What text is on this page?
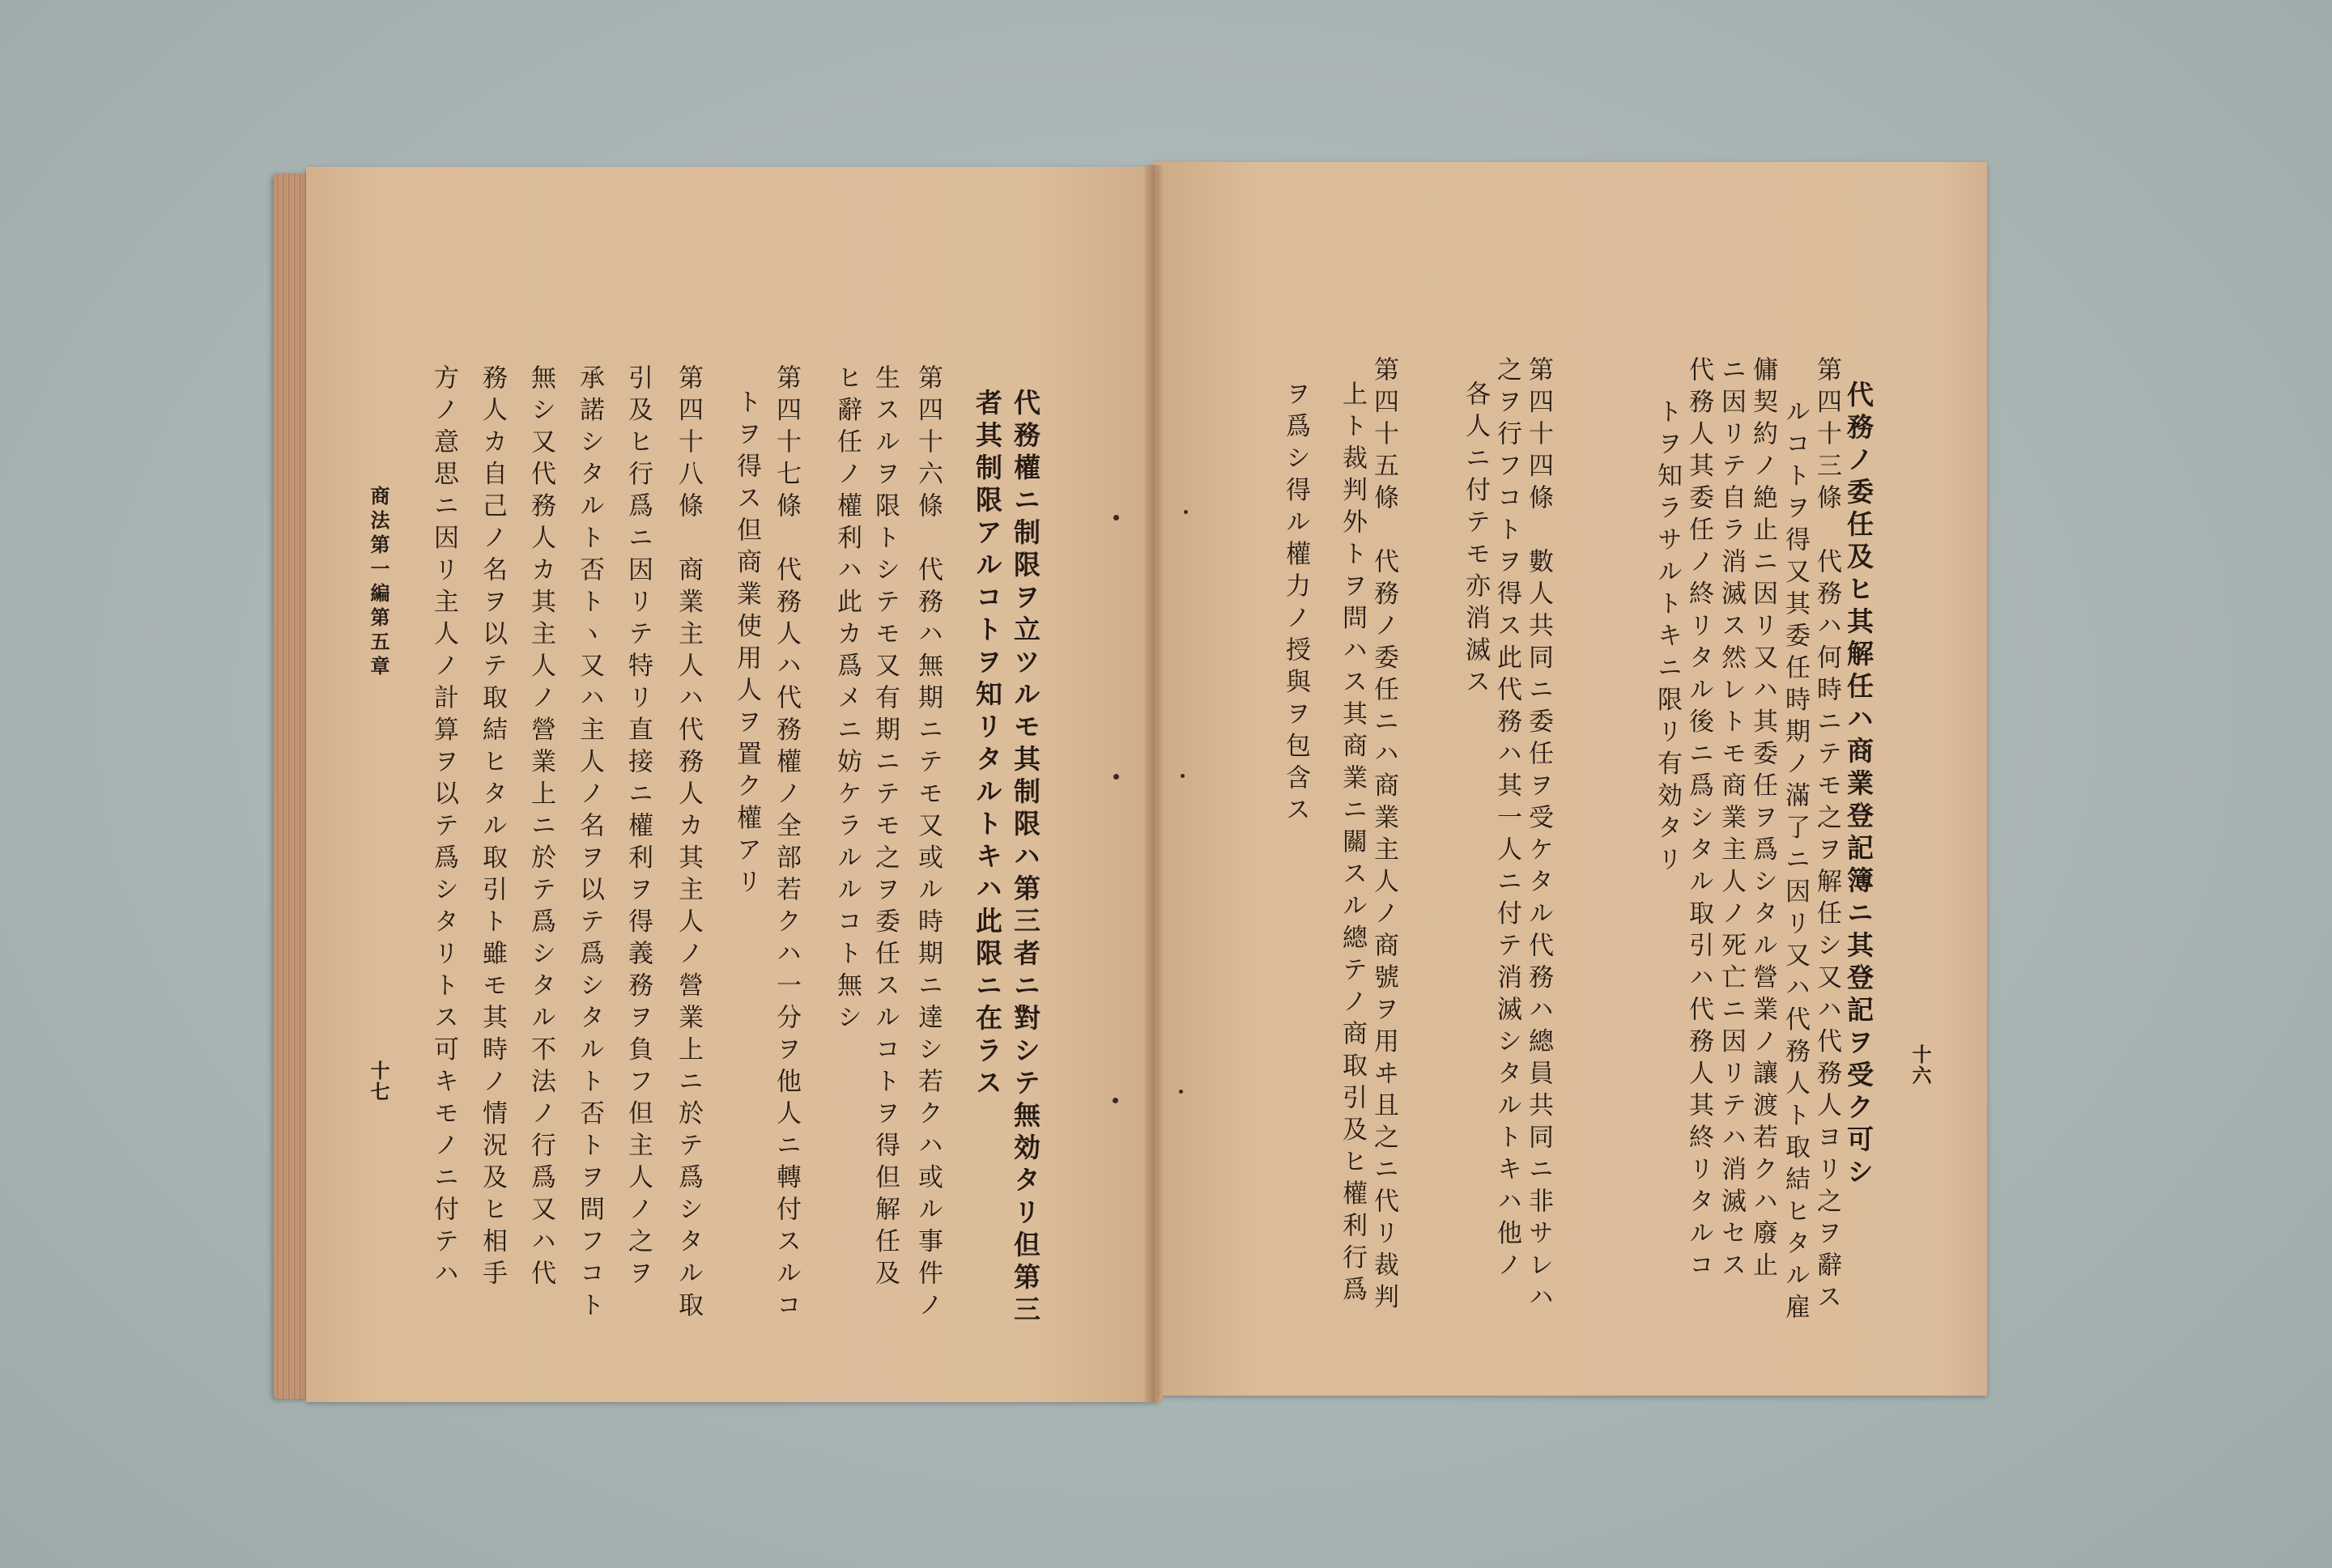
十六
代務ノ委任及ヒ其解任ハ商業登記簿ニ其登記ヲ受ク可シ
第四十三條　代務ハ何時ニテモ之ヲ解任シ又ハ代務人ヨリ之ヲ辭ス
ルコトヲ得又其委任時期ノ滿了ニ因リ又ハ代務人ト取結ヒタル雇
傭契約ノ絶止ニ因リ又ハ其委任ヲ爲シタル營業ノ讓渡若クハ廢止
ニ因リテ自ラ消滅ス然レトモ商業主人ノ死亡ニ因リテハ消滅セス
代務人其委任ノ終リタル後ニ爲シタル取引ハ代務人其終リタルコ
トヲ知ラサルトキニ限リ有効タリ
第四十四條　數人共同ニ委任ヲ受ケタル代務ハ總員共同ニ非サレハ
之ヲ行フコトヲ得ス此代務ハ其一人ニ付テ消滅シタルトキハ他ノ
各人ニ付テモ亦消滅ス
第四十五條　代務ノ委任ニハ商業主人ノ商號ヲ用ヰ且之ニ代リ裁判
上ト裁判外トヲ問ハス其商業ニ關スル總テノ商取引及ヒ權利行爲
ヲ爲シ得ル權力ノ授與ヲ包含ス
代務權ニ制限ヲ立ツルモ其制限ハ第三者ニ對シテ無効タリ但第三
者其制限アルコトヲ知リタルトキハ此限ニ在ラス
第四十六條　代務ハ無期ニテモ又或ル時期ニ達シ若クハ或ル事件ノ
生スルヲ限トシテモ又有期ニテモ之ヲ委任スルコトヲ得但解任及
ヒ辭任ノ權利ハ此カ爲メニ妨ケラルルコト無シ
第四十七條　代務人ハ代務權ノ全部若クハ一分ヲ他人ニ轉付スルコ
トヲ得ス但商業使用人ヲ置ク權アリ
第四十八條　商業主人ハ代務人カ其主人ノ營業上ニ於テ爲シタル取
引及ヒ行爲ニ因リテ特リ直接ニ權利ヲ得義務ヲ負フ但主人ノ之ヲ
承諾シタルト否トヽ又ハ主人ノ名ヲ以テ爲シタルト否トヲ問フコト
無シ又代務人カ其主人ノ營業上ニ於テ爲シタル不法ノ行爲又ハ代
務人カ自己ノ名ヲ以テ取結ヒタル取引ト雖モ其時ノ情況及ヒ相手
方ノ意思ニ因リ主人ノ計算ヲ以テ爲シタリトス可キモノニ付テハ
商法第一編第五章
十七
